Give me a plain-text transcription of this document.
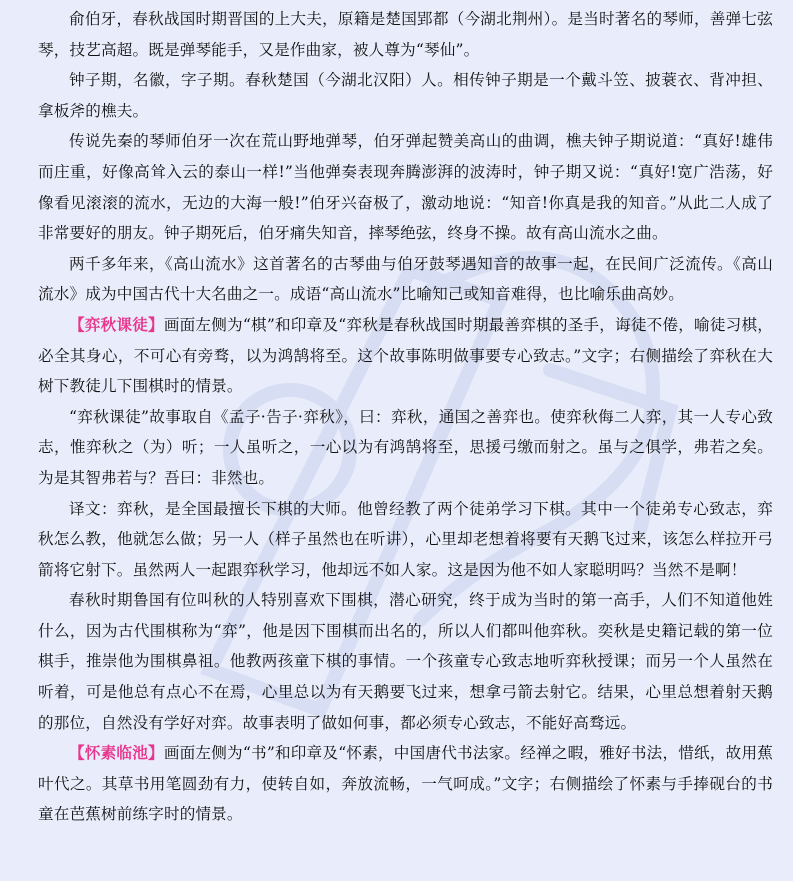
俞伯牙，春秋战国时期晋国的上大夫，原籍是楚国郢都（今湖北荆州）。是当时著名的琴师，善弹七弦琴，技艺高超。既是弹琴能手，又是作曲家，被人尊为“琴仙”。

钟子期，名徽，字子期。春秋楚国（今湖北汉阳）人。相传钟子期是一个戴斗笠、披蓑衣、背冲担、拿板斧的樵夫。

传说先秦的琴师伯牙一次在荒山野地弹琴，伯牙弹起赞美高山的曲调，樵夫钟子期说道：“真好!雄伟而庄重，好像高耸入云的泰山一样!”当他弹奏表现奔腾澎湃的波涛时，钟子期又说：“真好!宽广浩荡，好像看见滚滚的流水，无边的大海一般!”伯牙兴奋极了，激动地说：“知音!你真是我的知音。”从此二人成了非常要好的朋友。钟子期死后，伯牙痛失知音，摔琴绝弦，终身不操。故有高山流水之曲。

两千多年来，《高山流水》这首著名的古琴曲与伯牙鼓琴遇知音的故事一起，在民间广泛流传。《高山流水》成为中国古代十大名曲之一。成语“高山流水”比喻知己或知音难得，也比喻乐曲高妙。

【弈秋课徒】画面左侧为“棋”和印章及“弈秋是春秋战国时期最善弈棋的圣手，诲徒不倦，喻徒习棋，必全其身心，不可心有旁骛，以为鸿鹄将至。这个故事陈明做事要专心致志。”文字；右侧描绘了弈秋在大树下教徒儿下围棋时的情景。

“弈秋课徒”故事取自《孟子·告子·弈秋》，曰：弈秋，通国之善弈也。使弈秋侮二人弈，其一人专心致志，惟弈秋之（为）听；一人虽听之，一心以为有鸿鹄将至，思援弓缴而射之。虽与之俱学，弗若之矣。为是其智弗若与？吾曰：非然也。

译文：弈秋，是全国最擅长下棋的大师。他曾经教了两个徒弟学习下棋。其中一个徒弟专心致志，弈秋怎么教，他就怎么做；另一人（样子虽然也在听讲），心里却老想着将要有天鹅飞过来，该怎么样拉开弓箭将它射下。虽然两人一起跟弈秋学习，他却远不如人家。这是因为他不如人家聪明吗？当然不是啊！

春秋时期鲁国有位叫秋的人特别喜欢下围棋，潜心研究，终于成为当时的第一高手，人们不知道他姓什么，因为古代围棋称为“弈”，他是因下围棋而出名的，所以人们都叫他弈秋。奕秋是史籍记载的第一位棋手，推崇他为围棋鼻祖。他教两孩童下棋的事情。一个孩童专心致志地听弈秋授课；而另一个人虽然在听着，可是他总有点心不在焉，心里总以为有天鹅要飞过来，想拿弓箭去射它。结果，心里总想着射天鹅的那位，自然没有学好对弈。故事表明了做如何事，都必须专心致志，不能好高骛远。

【怀素临池】画面左侧为“书”和印章及“怀素，中国唐代书法家。经禅之暇，雅好书法，惜纸，故用蕉叶代之。其草书用笔圆劲有力，使转自如，奔放流畅，一气呵成。”文字；右侧描绘了怀素与手捧砚台的书童在芭蕉树前练字时的情景。
